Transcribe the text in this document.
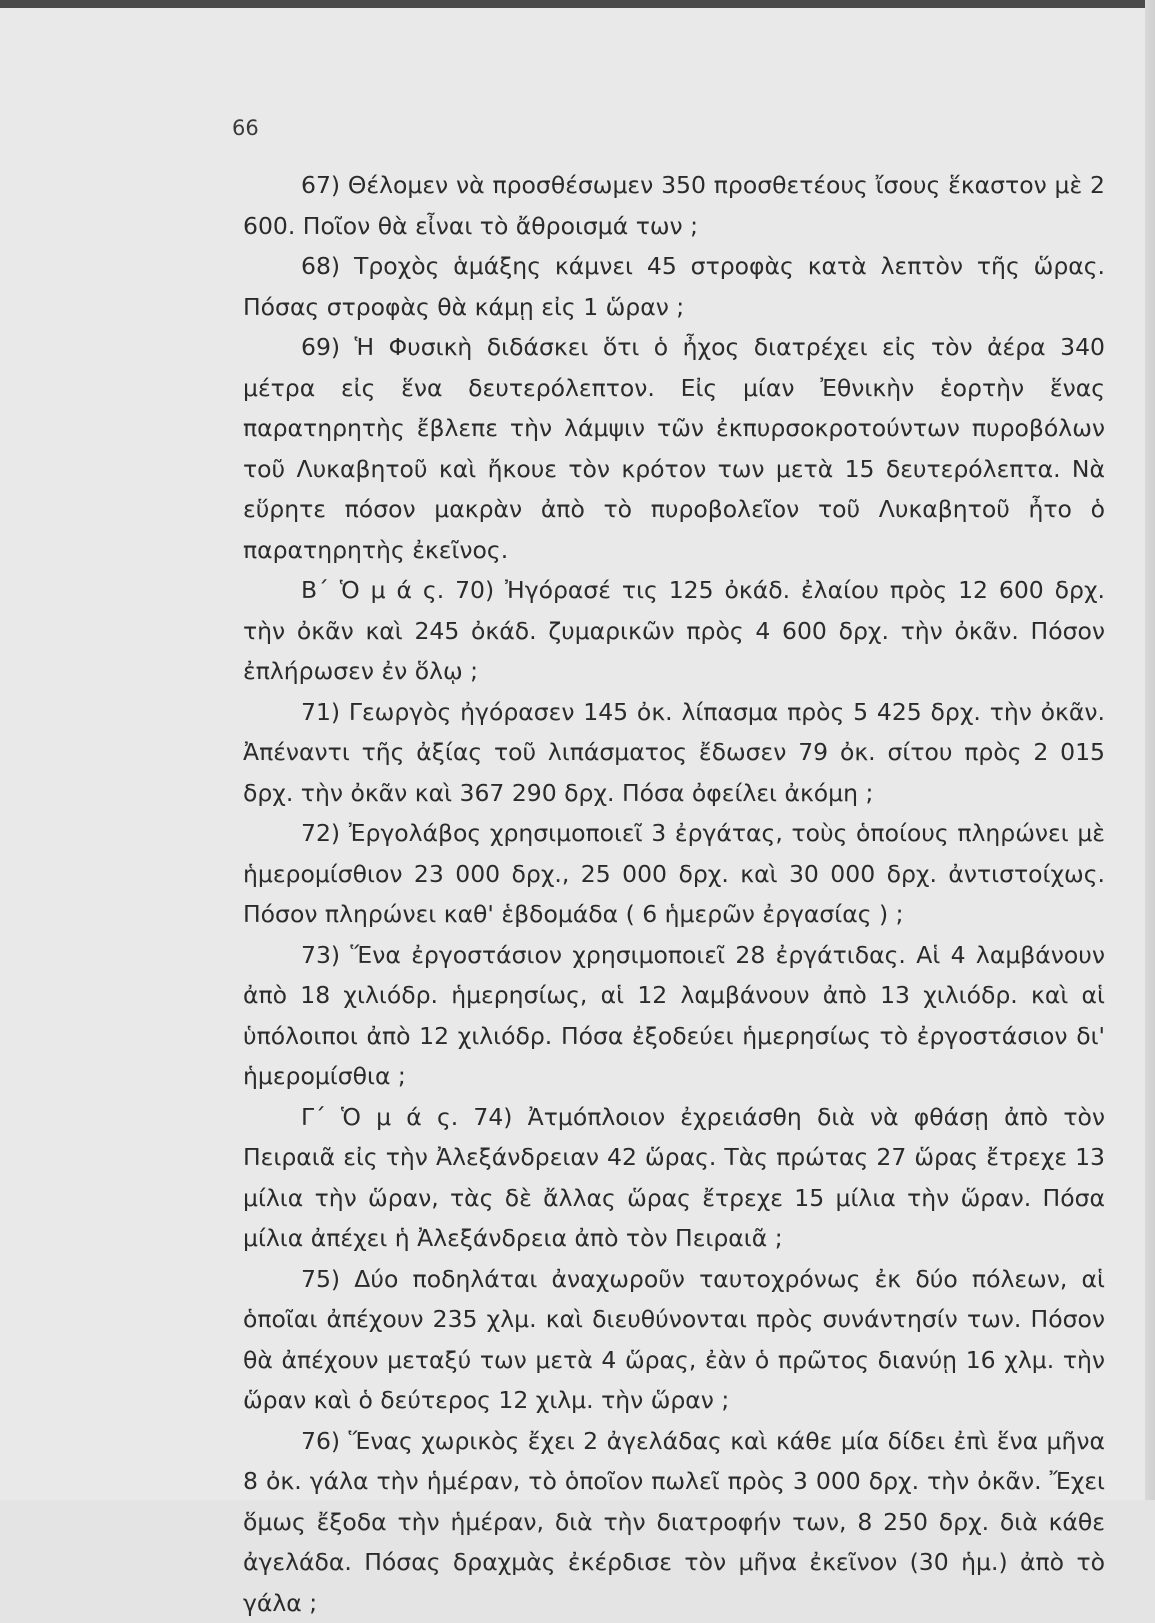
66

67) Θέλομεν νὰ προσθέσωμεν 350 προσθετέους ἴσους ἕκαστον μὲ 2 600. Ποῖον θὰ εἶναι τὸ ἄθροισμά των ;

68) Τροχὸς ἁμάξης κάμνει 45 στροφὰς κατὰ λεπτὸν τῆς ὥρας. Πόσας στροφὰς θὰ κάμῃ εἰς 1 ὥραν ;

69) Ἡ Φυσικὴ διδάσκει ὅτι ὁ ἦχος διατρέχει εἰς τὸν ἀέρα 340 μέτρα εἰς ἕνα δευτερόλεπτον. Εἰς μίαν Ἐθνικὴν ἑορτὴν ἕνας παρατηρητὴς ἔβλεπε τὴν λάμψιν τῶν ἐκπυρσοκροτούντων πυροβόλων τοῦ Λυκαβητοῦ καὶ ἤκουε τὸν κρότον των μετὰ 15 δευτερόλεπτα. Νὰ εὕρητε πόσον μακρὰν ἀπὸ τὸ πυροβολεῖον τοῦ Λυκαβητοῦ ἦτο ὁ παρατηρητὴς ἐκεῖνος.

Β΄ Ὁ μ ά ς. 70) Ἠγόρασέ τις 125 ὀκάδ. ἐλαίου πρὸς 12 600 δρχ. τὴν ὀκᾶν καὶ 245 ὀκάδ. ζυμαρικῶν πρὸς 4 600 δρχ. τὴν ὀκᾶν. Πόσον ἐπλήρωσεν ἐν ὅλῳ ;

71) Γεωργὸς ἠγόρασεν 145 ὀκ. λίπασμα πρὸς 5 425 δρχ. τὴν ὀκᾶν. Ἀπέναντι τῆς ἀξίας τοῦ λιπάσματος ἔδωσεν 79 ὀκ. σίτου πρὸς 2 015 δρχ. τὴν ὀκᾶν καὶ 367 290 δρχ. Πόσα ὀφείλει ἀκόμη ;

72) Ἐργολάβος χρησιμοποιεῖ 3 ἐργάτας, τοὺς ὁποίους πληρώνει μὲ ἡμερομίσθιον 23 000 δρχ., 25 000 δρχ. καὶ 30 000 δρχ. ἀντιστοίχως. Πόσον πληρώνει καθ' ἑβδομάδα ( 6 ἡμερῶν ἐργασίας ) ;

73) Ἕνα ἐργοστάσιον χρησιμοποιεῖ 28 ἐργάτιδας. Αἱ 4 λαμβάνουν ἀπὸ 18 χιλιόδρ. ἡμερησίως, αἱ 12 λαμβάνουν ἀπὸ 13 χιλιόδρ. καὶ αἱ ὑπόλοιποι ἀπὸ 12 χιλιόδρ. Πόσα ἐξοδεύει ἡμερησίως τὸ ἐργοστάσιον δι' ἡμερομίσθια ;

Γ΄ Ὁ μ ά ς. 74) Ἀτμόπλοιον ἐχρειάσθη διὰ νὰ φθάσῃ ἀπὸ τὸν Πειραιᾶ εἰς τὴν Ἀλεξάνδρειαν 42 ὥρας. Τὰς πρώτας 27 ὥρας ἔτρεχε 13 μίλια τὴν ὥραν, τὰς δὲ ἄλλας ὥρας ἔτρεχε 15 μίλια τὴν ὥραν. Πόσα μίλια ἀπέχει ἡ Ἀλεξάνδρεια ἀπὸ τὸν Πειραιᾶ ;

75) Δύο ποδηλάται ἀναχωροῦν ταυτοχρόνως ἐκ δύο πόλεων, αἱ ὁποῖαι ἀπέχουν 235 χλμ. καὶ διευθύνονται πρὸς συνάντησίν των. Πόσον θὰ ἀπέχουν μεταξύ των μετὰ 4 ὥρας, ἐὰν ὁ πρῶτος διανύῃ 16 χλμ. τὴν ὥραν καὶ ὁ δεύτερος 12 χιλμ. τὴν ὥραν ;

76) Ἕνας χωρικὸς ἔχει 2 ἀγελάδας καὶ κάθε μία δίδει ἐπὶ ἕνα μῆνα 8 ὀκ. γάλα τὴν ἡμέραν, τὸ ὁποῖον πωλεῖ πρὸς 3 000 δρχ. τὴν ὀκᾶν. Ἔχει ὅμως ἔξοδα τὴν ἡμέραν, διὰ τὴν διατροφήν των, 8 250 δρχ. διὰ κάθε ἀγελάδα. Πόσας δραχμὰς ἐκέρδισε τὸν μῆνα ἐκεῖνον (30 ἡμ.) ἀπὸ τὸ γάλα ;
